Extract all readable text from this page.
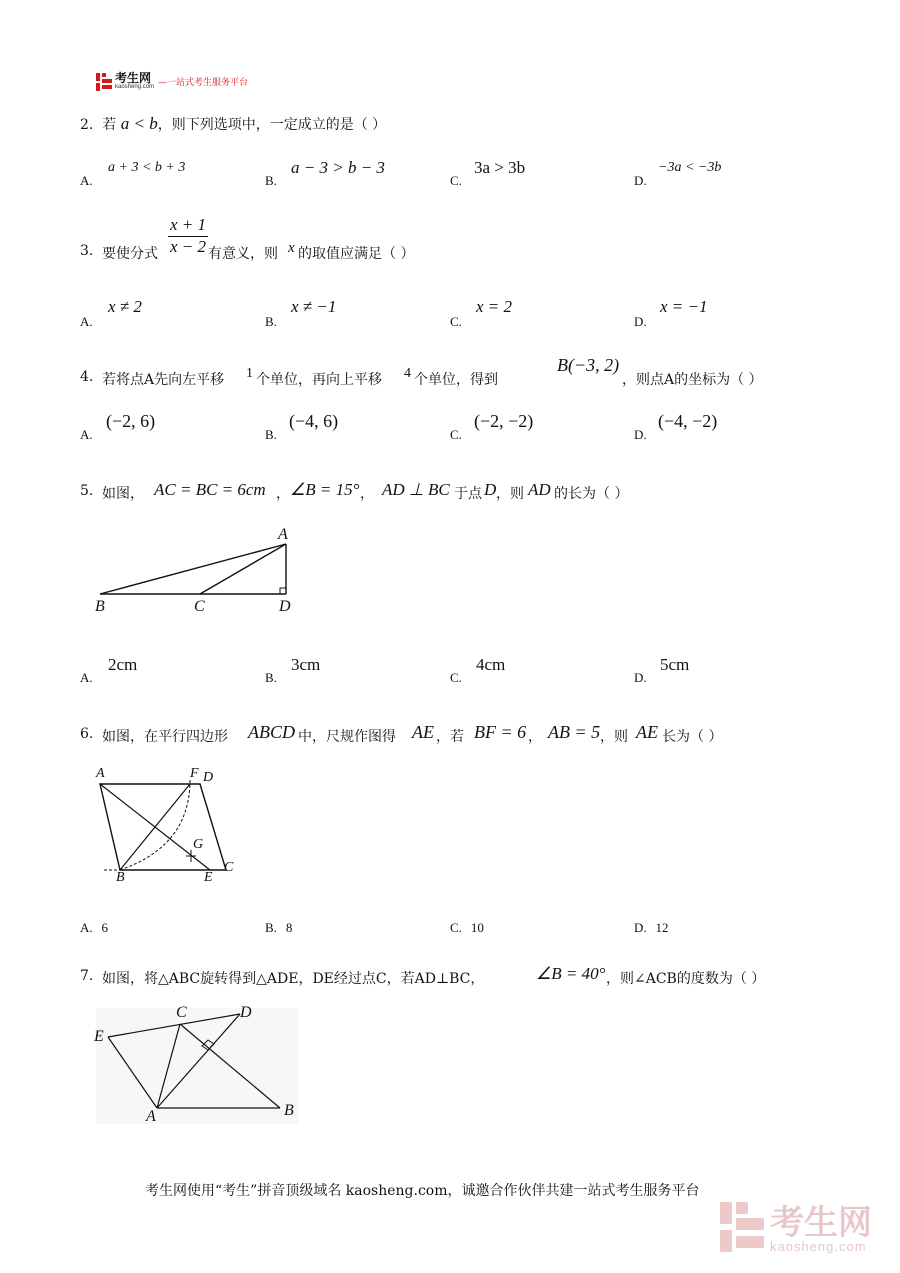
考生网
kaosheng.com —一站式考生服务平台
2. 若 a < b，则下列选项中，一定成立的是（ ）
A.
a + 3 < b + 3
B.
a − 3 > b − 3
C.
3a > 3b
D.
−3a < −3b
3. 要使分式 $\frac{x + 1}{x - 2}$ 有意义，则 x 的取值应满足（ ）
A.
x ≠ 2
B.
x ≠ −1
C.
x = 2
D.
x = −1
4. 若将点A先向左平移 1 个单位，再向上平移 4 个单位，得到
B(−3, 2)
，则点A的坐标为（ ）
A.
(−2, 6)
B.
(−4, 6)
C.
(−2, −2)
D.
(−4, −2)
5. 如图， AC = BC = 6cm ， ∠B = 15° ， AD ⊥ BC 于点 D ，则 AD 的长为（ ）
A
B	C	D
A.
2cm
B.
3cm
C.
4cm
D.
5cm
6. 如图，在平行四边形 ABCD 中，尺规作图得 AE ，若 BF = 6 ， AB = 5 ，则 AE 长为（ ）
A	F D
G
B	E
C
A. 6	B. 8	C. 10	D. 12
7. 如图，将△ABC旋转得到△ADE，DE经过点C，若AD⊥BC，	∠B = 40° ，则∠ACB的度数为（ ）
C	D
E
A	B
考生网使用“考生”拼音顶级域名 kaosheng.com，诚邀合作伙伴共建一站式考生服务平台
考生网
kaosheng.com
